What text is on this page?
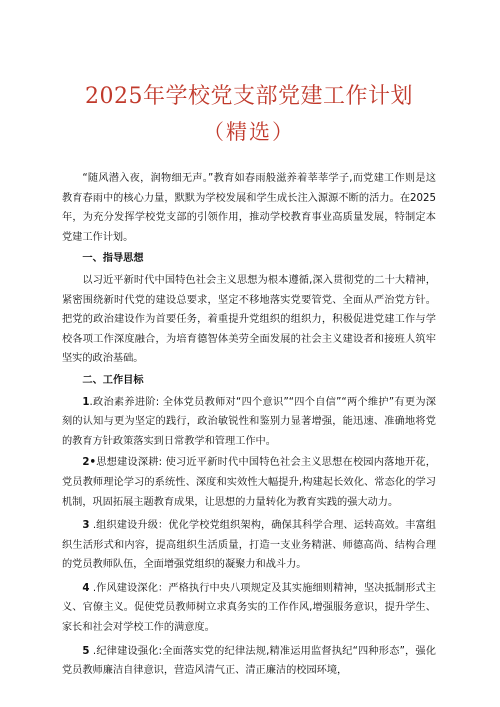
2025年学校党支部党建工作计划
（精选）

“随风潜入夜，润物细无声。”教育如春雨般滋养着莘莘学子,而党建工作则是这教育春雨中的核心力量，默默为学校发展和学生成长注入源源不断的活力。在2025年，为充分发挥学校党支部的引领作用，推动学校教育事业高质量发展，特制定本党建工作计划。

一、指导思想

以习近平新时代中国特色社会主义思想为根本遵循,深入贯彻党的二十大精神，紧密围绕新时代党的建设总要求，坚定不移地落实党要管党、全面从严治党方针。把党的政治建设作为首要任务，着重提升党组织的组织力，积极促进党建工作与学校各项工作深度融合，为培育德智体美劳全面发展的社会主义建设者和接班人筑牢坚实的政治基础。

二、工作目标

1.政治素养进阶: 全体党员教师对“四个意识”“四个自信”“两个维护”有更为深刻的认知与更为坚定的践行，政治敏锐性和鉴别力显著增强，能迅速、准确地将党的教育方针政策落实到日常教学和管理工作中。

2•思想建设深耕: 使习近平新时代中国特色社会主义思想在校园内落地开花，党员教师理论学习的系统性、深度和实效性大幅提升,构建起长效化、常态化的学习机制，巩固拓展主题教育成果，让思想的力量转化为教育实践的强大动力。

3 .组织建设升级：优化学校党组织架构，确保其科学合理、运转高效。丰富组织生活形式和内容，提高组织生活质量，打造一支业务精湛、师德高尚、结构合理的党员教师队伍，全面增强党组织的凝聚力和战斗力。

4 .作风建设深化：严格执行中央八项规定及其实施细则精神，坚决抵制形式主义、官僚主义。促使党员教师树立求真务实的工作作风,增强服务意识，提升学生、家长和社会对学校工作的满意度。

5 .纪律建设强化:全面落实党的纪律法规,精准运用监督执纪“四种形态”，强化党员教师廉洁自律意识，营造风清气正、清正廉洁的校园环境，
